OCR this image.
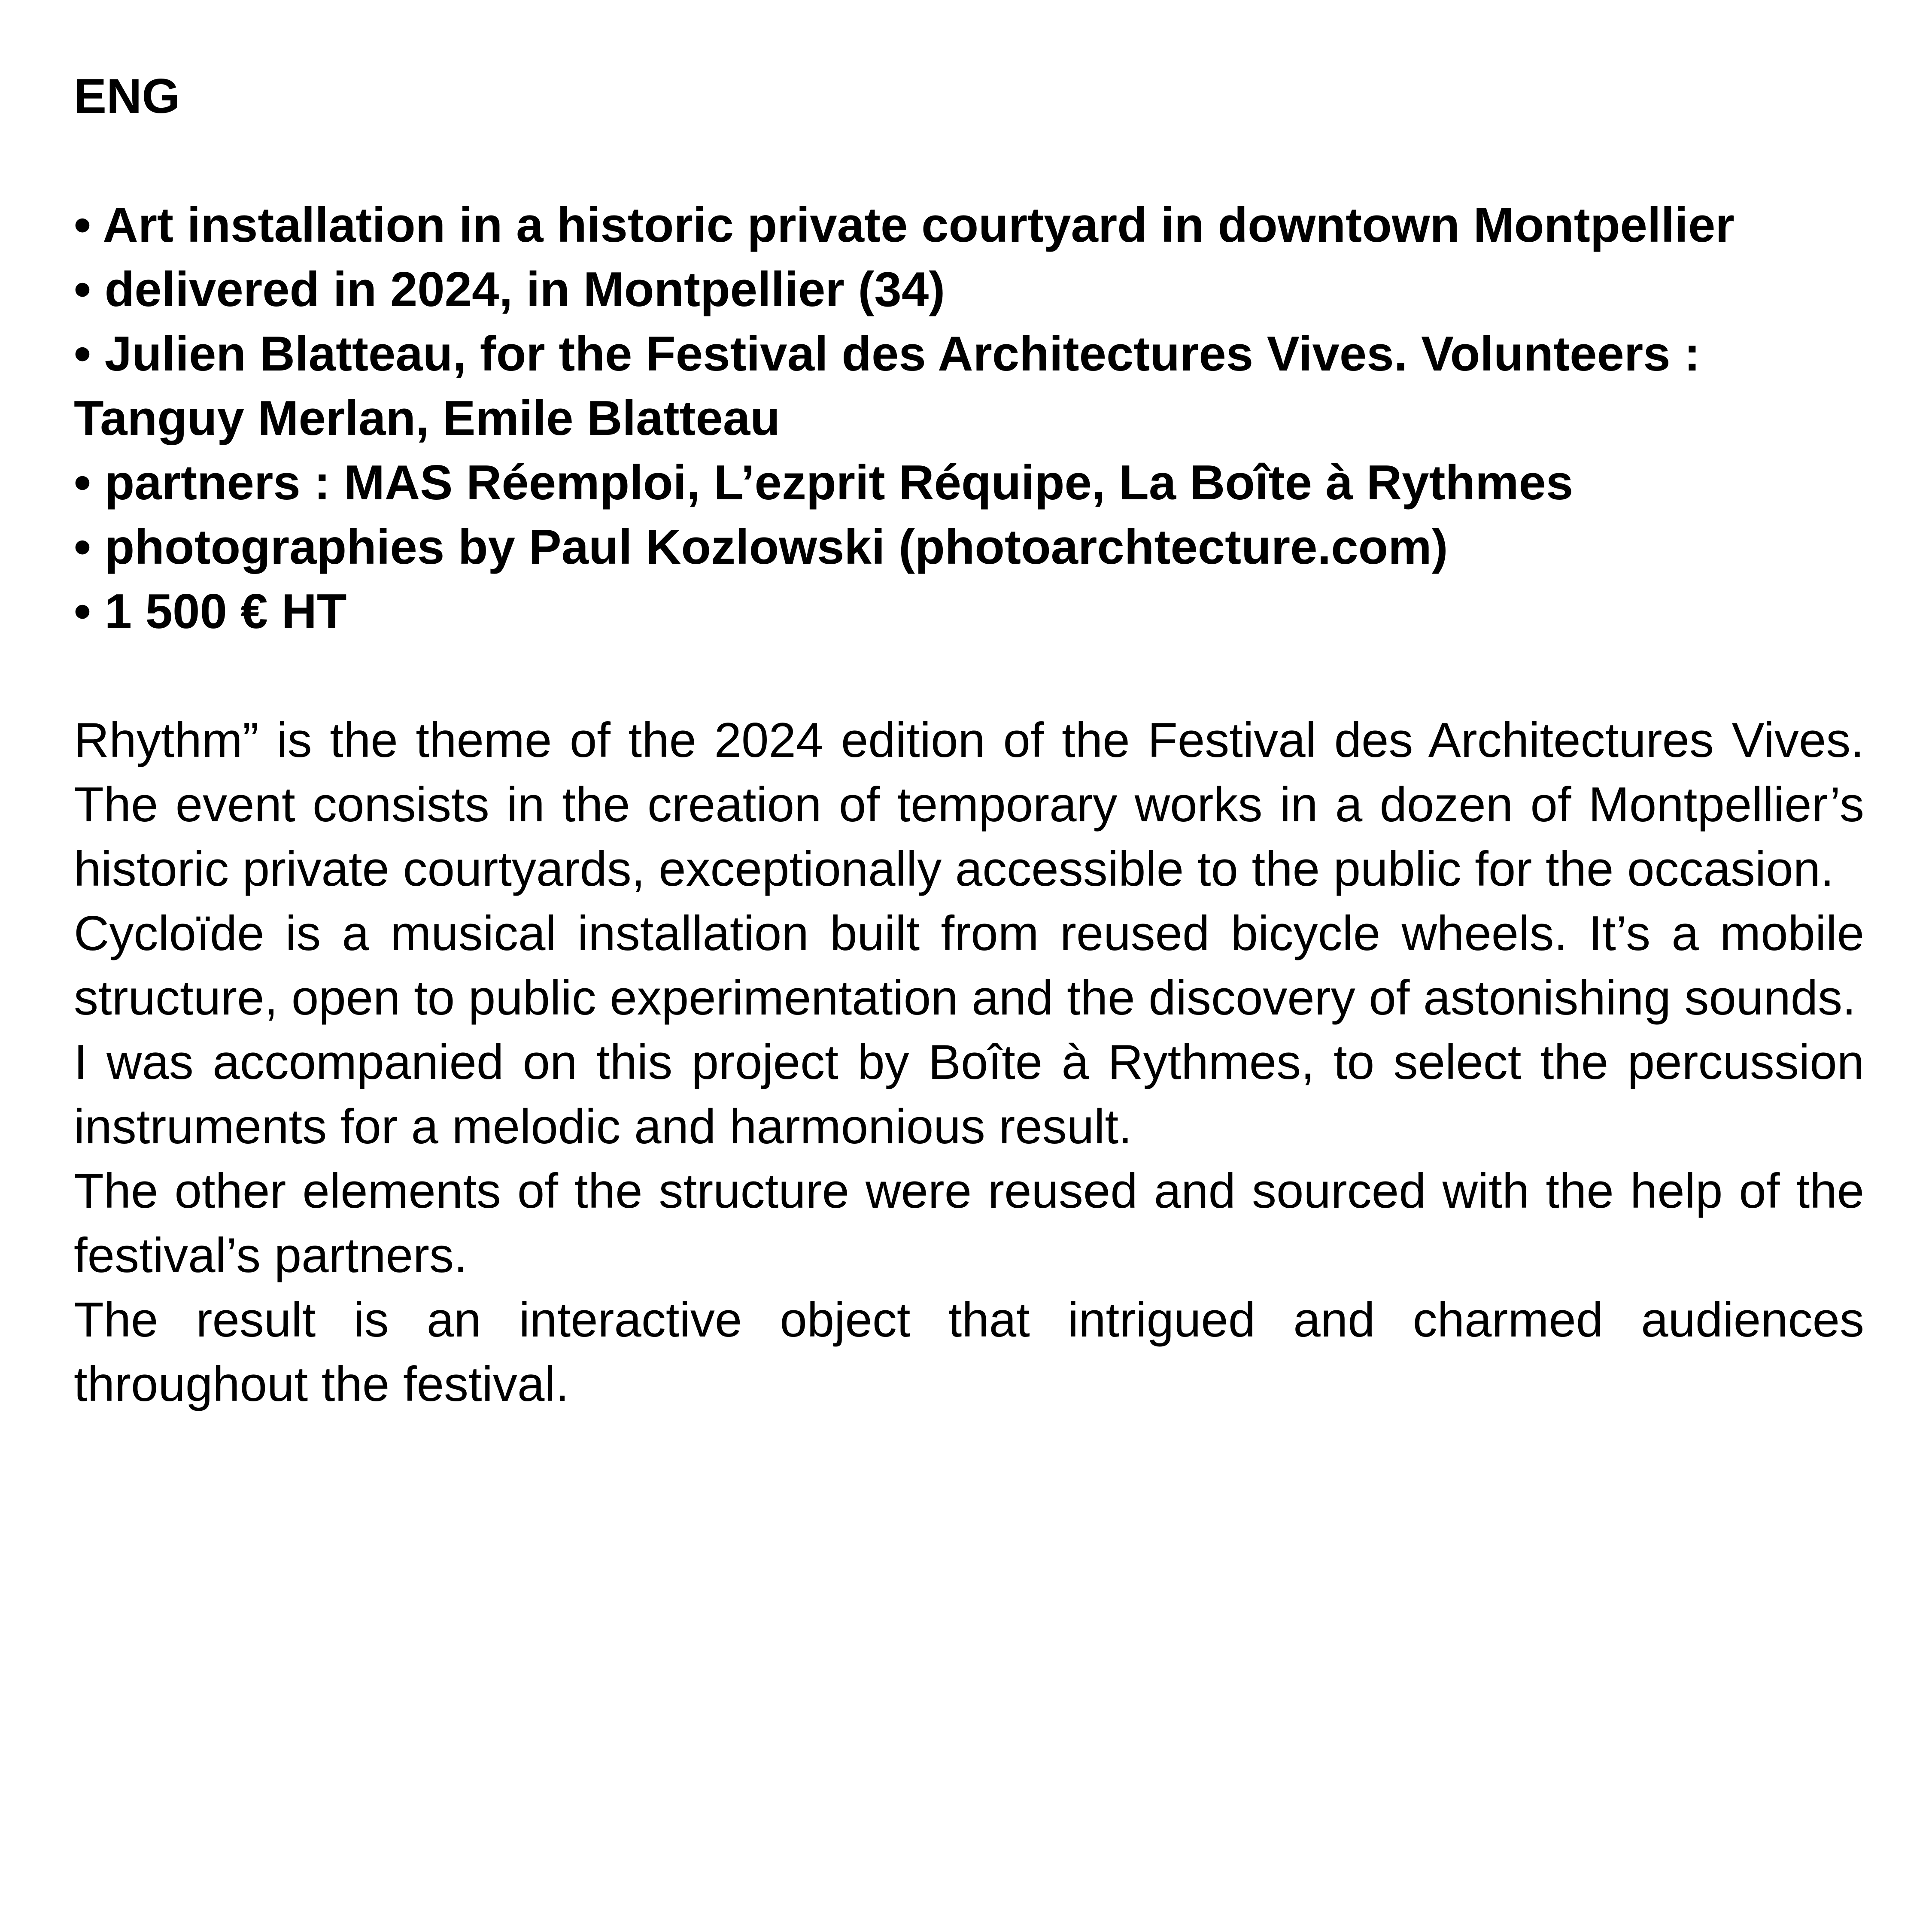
ENG
• Art installation in a historic private courtyard in downtown Montpellier
• delivered in 2024, in Montpellier (34)
• Julien Blatteau, for the Festival des Architectures Vives. Volunteers : Tanguy Merlan, Emile Blatteau
• partners : MAS Réemploi, L’ezprit Réquipe, La Boîte à Rythmes
• photographies by Paul Kozlowski (photoarchtecture.com)
• 1 500 € HT

Rhythm” is the theme of the 2024 edition of the Festival des Architectures Vives. The event consists in the creation of temporary works in a dozen of Montpellier’s historic private courtyards, exceptionally accessible to the public for the occasion.

Cycloïde is a musical installation built from reused bicycle wheels. It’s a mobile structure, open to public experimentation and the discovery of astonishing sounds.

I was accompanied on this project by Boîte à Rythmes, to select the percussion instruments for a melodic and harmonious result.

The other elements of the structure were reused and sourced with the help of the festival’s partners.

The result is an interactive object that intrigued and charmed audiences throughout the festival.
